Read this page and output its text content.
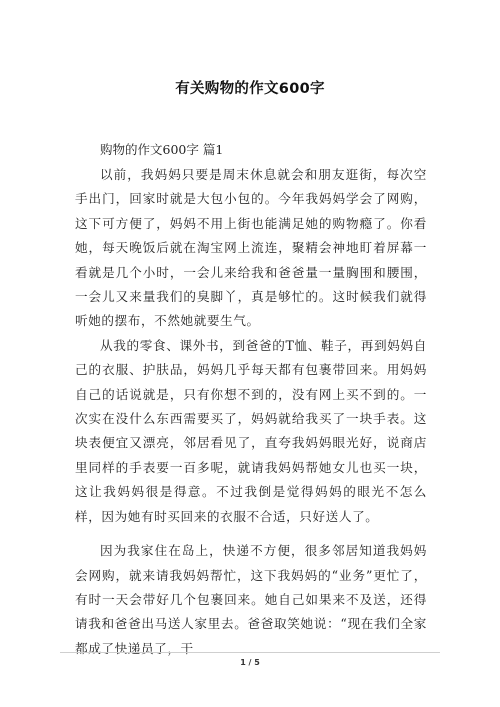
有关购物的作文600字
购物的作文600字 篇1

以前，我妈妈只要是周末休息就会和朋友逛街，每次空手出门，回家时就是大包小包的。今年我妈妈学会了网购，这下可方便了，妈妈不用上街也能满足她的购物瘾了。你看她，每天晚饭后就在淘宝网上流连，聚精会神地盯着屏幕一看就是几个小时，一会儿来给我和爸爸量一量胸围和腰围，一会儿又来量我们的臭脚丫，真是够忙的。这时候我们就得听她的摆布，不然她就要生气。

从我的零食、课外书，到爸爸的T恤、鞋子，再到妈妈自己的衣服、护肤品，妈妈几乎每天都有包裹带回来。用妈妈自己的话说就是，只有你想不到的，没有网上买不到的。一次实在没什么东西需要买了，妈妈就给我买了一块手表。这块表便宜又漂亮，邻居看见了，直夸我妈妈眼光好，说商店里同样的手表要一百多呢，就请我妈妈帮她女儿也买一块，这让我妈妈很是得意。不过我倒是觉得妈妈的眼光不怎么样，因为她有时买回来的衣服不合适，只好送人了。

因为我家住在岛上，快递不方便，很多邻居知道我妈妈会网购，就来请我妈妈帮忙，这下我妈妈的“业务”更忙了，有时一天会带好几个包裹回来。她自己如果来不及送，还得请我和爸爸出马送人家里去。爸爸取笑她说：“现在我们全家都成了快递员了，干

1 / 5
